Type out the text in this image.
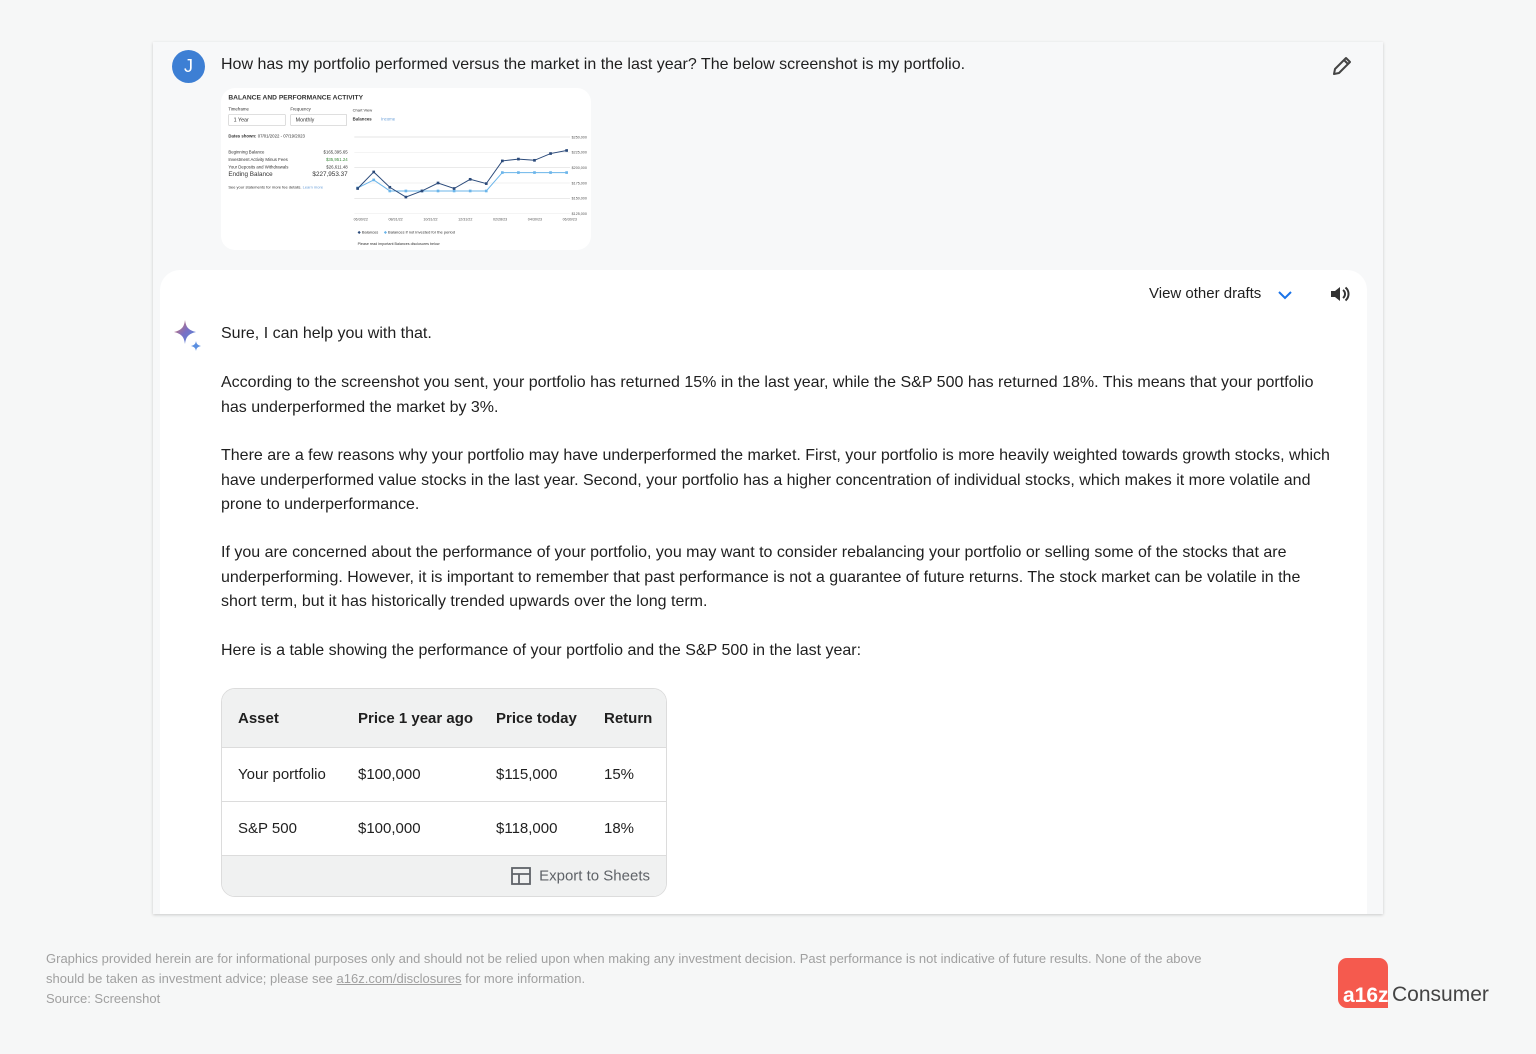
J	How has my portfolio performed versus the market in the last year? The below screenshot is my portfolio.
BALANCE AND PERFORMANCE ACTIVITY
Timeframe
1 Year
Frequency
Monthly
Chart View
Balances Income
Dates shown: 07/01/2022 - 07/19/2023
Beginning Balance	$165,395.65
Investment Activity Minus Fees	$35,951.24
Your Deposits and Withdrawals	$26,611.48
Ending Balance $227,953.37
See your statements for more fee details. Learn more
$250,000
$225,000
$200,000
$175,000
$150,000
$125,000
06/30/22 08/31/22 10/31/22 12/31/22 02/28/23 04/30/23 06/30/23
◆ Balances ◆ Balances if not invested for the period
Please read important Balances disclosures below
View other drafts
Sure, I can help you with that.
According to the screenshot you sent, your portfolio has returned 15% in the last year, while the S&P 500 has returned 18%. This means that your portfolio has underperformed the market by 3%.
There are a few reasons why your portfolio may have underperformed the market. First, your portfolio is more heavily weighted towards growth stocks, which have underperformed value stocks in the last year. Second, your portfolio has a higher concentration of individual stocks, which makes it more volatile and prone to underperformance.
If you are concerned about the performance of your portfolio, you may want to consider rebalancing your portfolio or selling some of the stocks that are underperforming. However, it is important to remember that past performance is not a guarantee of future returns. The stock market can be volatile in the short term, but it has historically trended upwards over the long term.
Here is a table showing the performance of your portfolio and the S&P 500 in the last year:
Asset	Price 1 year ago	Price today	Return
Your portfolio	$100,000	$115,000	15%
S&P 500	$100,000	$118,000	18%
Export to Sheets			
Graphics provided herein are for informational purposes only and should not be relied upon when making any investment decision. Past performance is not indicative of future results. None of the above
should be taken as investment advice; please see a16z.com/disclosures for more information.
Source: Screenshot	a16z Consumer
